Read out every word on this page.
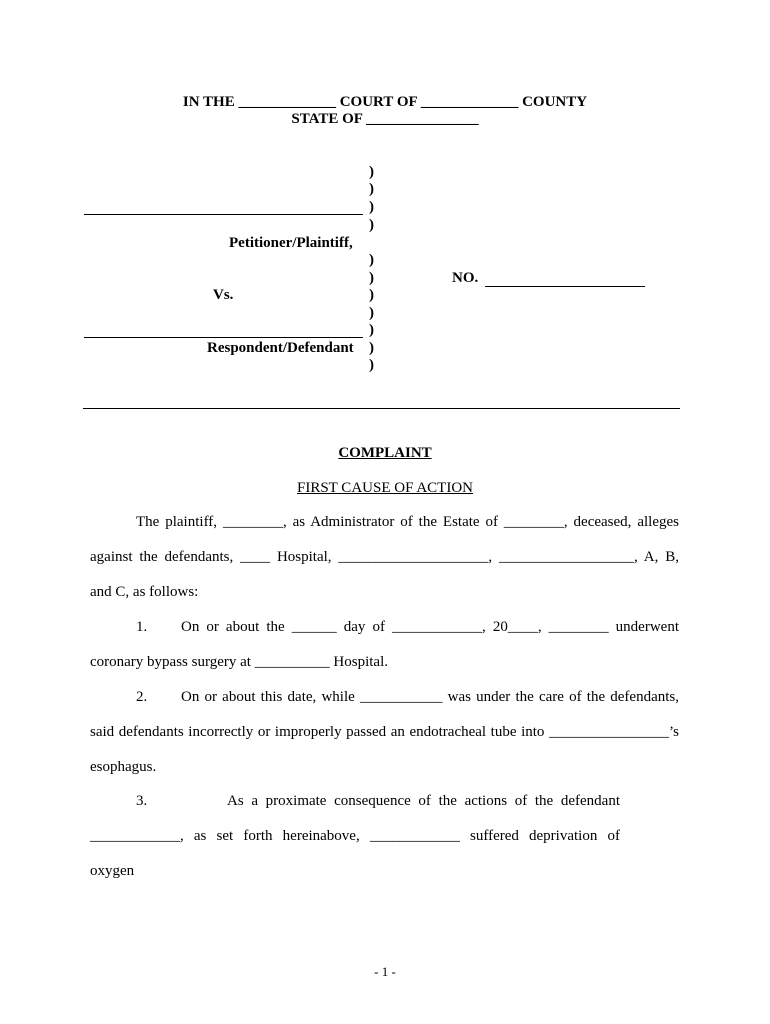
IN THE _____________ COURT OF _____________ COUNTY
STATE OF _______________
)
)
)
)
)
)
)
)
)
)
)
Petitioner/Plaintiff,
Vs.
Respondent/Defendant
NO.
COMPLAINT
FIRST CAUSE OF ACTION
The plaintiff, ________, as Administrator of the Estate of ________, deceased, alleges
against the defendants, ____ Hospital, ____________________, __________________, A, B,
and C, as follows:
1. On or about the ______ day of ____________, 20____, ________ underwent
coronary bypass surgery at __________ Hospital.
2. On or about this date, while ___________ was under the care of the defendants,
said defendants incorrectly or improperly passed an endotracheal tube into ________________’s
esophagus.
3.	As a proximate consequence of the actions of the defendant
____________, as set forth hereinabove, ____________ suffered deprivation of
oxygen
- 1 -
